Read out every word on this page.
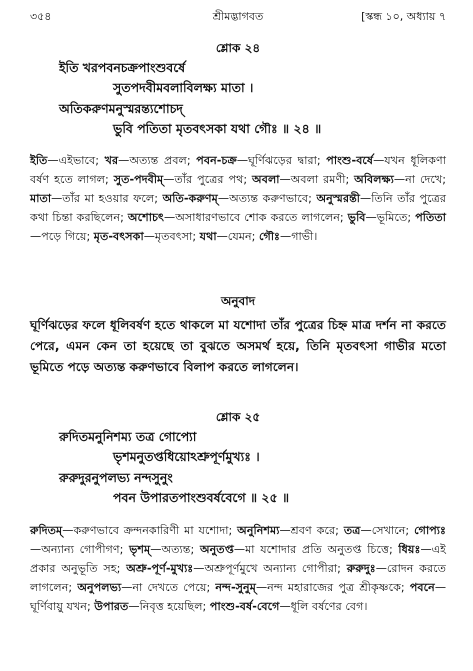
৩৫৪	শ্রীমদ্ভাগবত	[স্কন্ধ ১০, অধ্যায় ৭
শ্লোক ২৪
ইতি খরপবনচক্রপাংশুবর্ষে
সুতপদবীমবলাবিলক্ষ্য মাতা ।
অতিকরুণমনুস্মরন্ত্যশোচদ্
ভুবি পতিতা মৃতবৎসকা যথা গৌঃ ॥ ২৪ ॥

ইতি—এইভাবে; খর—অত্যন্ত প্রবল; পবন-চক্র—ঘূর্ণিঝড়ের দ্বারা; পাংশু-বর্ষে—যখন ধূলিকণা বর্ষণ হতে লাগল; সুত-পদবীম্—তাঁর পুত্রের পথ; অবলা—অবলা রমণী; অবিলক্ষ্য—না দেখে; মাতা—তাঁর মা হওয়ার ফলে; অতি-করুণম্—অত্যন্ত করুণভাবে; অনুস্মরন্তী—তিনি তাঁর পুত্রের কথা চিন্তা করছিলেন; অশোচৎ—অসাধারণভাবে শোক করতে লাগলেন; ভুবি—ভূমিতে; পতিতা—পড়ে গিয়ে; মৃত-বৎসকা—মৃতবৎসা; যথা—যেমন; গৌঃ—গাভী।

অনুবাদ

ঘূর্ণিঝড়ের ফলে ধূলিবর্ষণ হতে থাকলে মা যশোদা তাঁর পুত্রের চিহ্ন মাত্র দর্শন না করতে পেরে, এমন কেন তা হয়েছে তা বুঝতে অসমর্থ হয়ে, তিনি মৃতবৎসা গাভীর মতো ভূমিতে পড়ে অত্যন্ত করুণভাবে বিলাপ করতে লাগলেন।

শ্লোক ২৫
রুদিতমনুনিশম্য তত্র গোপ্যো
ভৃশমনুতপ্তধিয়োঽশ্রুপূর্ণমুখ্যঃ ।
রুরুদুরনুপলভ্য নন্দসুনুং
পবন উপারতপাংশুবর্ষবেগে ॥ ২৫ ॥

রুদিতম্—করুণভাবে ক্রন্দনকারিণী মা যশোদা; অনুনিশম্য—শ্রবণ করে; তত্র—সেখানে; গোপ্যঃ—অন্যান্য গোপীগণ; ভৃশম্—অত্যন্ত; অনুতপ্ত—মা যশোদার প্রতি অনুতপ্ত চিত্তে; ধিয়ঃ—এই প্রকার অনুভূতি সহ; অশ্রু-পূর্ণ-মুখ্যঃ—অশ্রুপূর্ণমুখে অন্যান্য গোপীরা; রুরুদুঃ—রোদন করতে লাগলেন; অনুপলভ্য—না দেখতে পেয়ে; নন্দ-সুনুম্—নন্দ মহারাজের পুত্র শ্রীকৃষ্ণকে; পবনে—ঘূর্ণিবায়ু যখন; উপারত—নিবৃত্ত হয়েছিল; পাংশু-বর্ষ-বেগে—ধূলি বর্ষণের বেগ।
